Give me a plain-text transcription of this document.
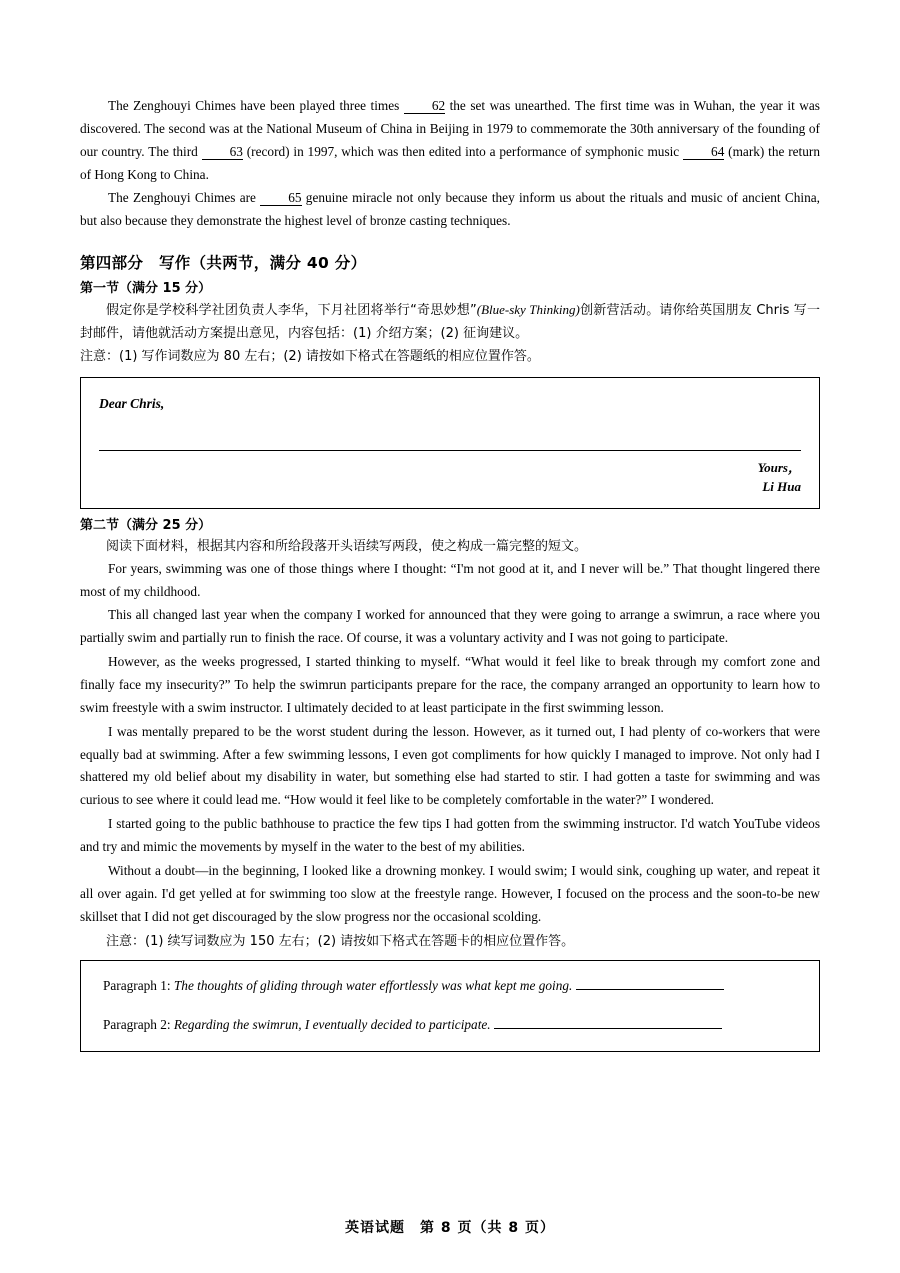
The Zenghouyi Chimes have been played three times 62 the set was unearthed. The first time was in Wuhan, the year it was discovered. The second was at the National Museum of China in Beijing in 1979 to commemorate the 30th anniversary of the founding of our country. The third 63 (record) in 1997, which was then edited into a performance of symphonic music 64 (mark) the return of Hong Kong to China.

The Zenghouyi Chimes are 65 genuine miracle not only because they inform us about the rituals and music of ancient China, but also because they demonstrate the highest level of bronze casting techniques.

第四部分　写作（共两节，满分 40 分）
第一节（满分 15 分）

假定你是学校科学社团负责人李华，下月社团将举行“奇思妙想”(Blue-sky Thinking)创新营活动。请你给英国朋友 Chris 写一封邮件，请他就活动方案提出意见，内容包括：(1) 介绍方案；(2) 征询建议。

注意：(1) 写作词数应为 80 左右；(2) 请按如下格式在答题纸的相应位置作答。

Dear Chris,
Yours，
Li Hua
第二节（满分 25 分）

阅读下面材料，根据其内容和所给段落开头语续写两段，使之构成一篇完整的短文。

For years, swimming was one of those things where I thought: “I'm not good at it, and I never will be.” That thought lingered there most of my childhood.

This all changed last year when the company I worked for announced that they were going to arrange a swimrun, a race where you partially swim and partially run to finish the race. Of course, it was a voluntary activity and I was not going to participate.

However, as the weeks progressed, I started thinking to myself. “What would it feel like to break through my comfort zone and finally face my insecurity?” To help the swimrun participants prepare for the race, the company arranged an opportunity to learn how to swim freestyle with a swim instructor. I ultimately decided to at least participate in the first swimming lesson.

I was mentally prepared to be the worst student during the lesson. However, as it turned out, I had plenty of co-workers that were equally bad at swimming. After a few swimming lessons, I even got compliments for how quickly I managed to improve. Not only had I shattered my old belief about my disability in water, but something else had started to stir. I had gotten a taste for swimming and was curious to see where it could lead me. “How would it feel like to be completely comfortable in the water?” I wondered.

I started going to the public bathhouse to practice the few tips I had gotten from the swimming instructor. I'd watch YouTube videos and try and mimic the movements by myself in the water to the best of my abilities.

Without a doubt—in the beginning, I looked like a drowning monkey. I would swim; I would sink, coughing up water, and repeat it all over again. I'd get yelled at for swimming too slow at the freestyle range. However, I focused on the process and the soon-to-be new skillset that I did not get discouraged by the slow progress nor the occasional scolding.

注意：(1) 续写词数应为 150 左右；(2) 请按如下格式在答题卡的相应位置作答。

Paragraph 1: The thoughts of gliding through water effortlessly was what kept me going.
Paragraph 2: Regarding the swimrun, I eventually decided to participate.
英语试题　第 8 页（共 8 页）
